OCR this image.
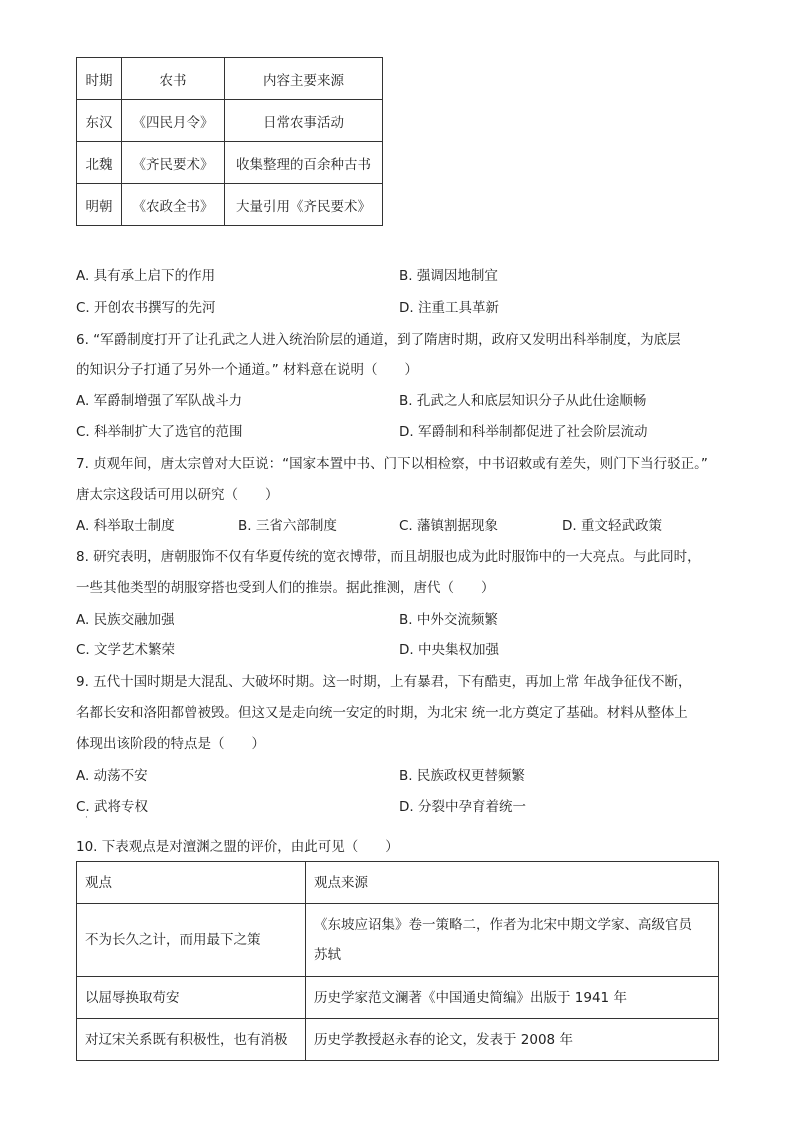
时期	农书	内容主要来源
东汉	《四民月令》	日常农事活动
北魏	《齐民要术》	收集整理的百余种古书
明朝	《农政全书》	大量引用《齐民要术》
A. 具有承上启下的作用	B. 强调因地制宜
C. 开创农书撰写的先河	D. 注重工具革新
6. “军爵制度打开了让孔武之人进入统治阶层的通道，到了隋唐时期，政府又发明出科举制度，为底层
的知识分子打通了另外一个通道。” 材料意在说明（　　）
A. 军爵制增强了军队战斗力	B. 孔武之人和底层知识分子从此仕途顺畅
C. 科举制扩大了选官的范围	D. 军爵制和科举制都促进了社会阶层流动
7. 贞观年间，唐太宗曾对大臣说：“国家本置中书、门下以相检察，中书诏敕或有差失，则门下当行驳正。”
唐太宗这段话可用以研究（　　）
A. 科举取士制度	B. 三省六部制度	C. 藩镇割据现象	D. 重文轻武政策
8. 研究表明，唐朝服饰不仅有华夏传统的宽衣博带，而且胡服也成为此时服饰中的一大亮点。与此同时，
一些其他类型的胡服穿搭也受到人们的推崇。据此推测，唐代（　　）
A. 民族交融加强	B. 中外交流频繁
C. 文学艺术繁荣	D. 中央集权加强
9. 五代十国时期是大混乱、大破坏时期。这一时期，上有暴君，下有酷吏，再加上常 年战争征伐不断，
名都长安和洛阳都曾被毁。但这又是走向统一安定的时期，为北宋 统一北方奠定了基础。材料从整体上
体现出该阶段的特点是（　　）
A. 动荡不安	B. 民族政权更替频繁
C. 武将专权	D. 分裂中孕育着统一
·
10. 下表观点是对澶渊之盟的评价，由此可见（　　）
观点	观点来源
不为长久之计，而用最下之策	《东坡应诏集》卷一策略二，作者为北宋中期文学家、高级官员苏轼
以屈辱换取苟安	历史学家范文澜著《中国通史简编》出版于 1941 年
对辽宋关系既有积极性，也有消极	历史学教授赵永春的论文，发表于 2008 年
